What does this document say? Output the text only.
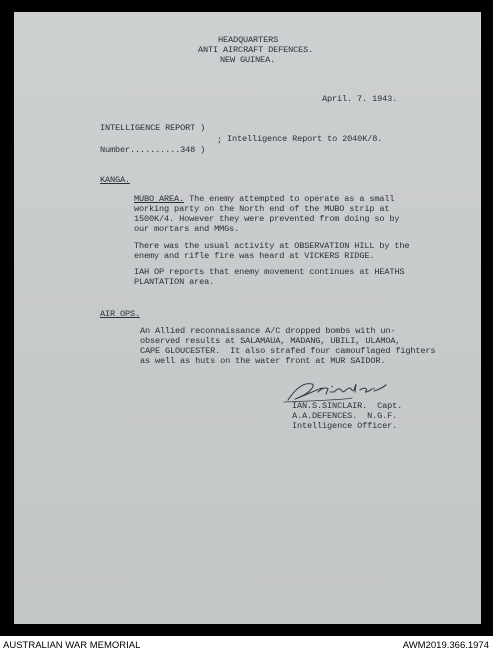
HEADQUARTERS
ANTI AIRCRAFT DEFENCES.
NEW GUINEA.
April. 7. 1943.
INTELLIGENCE REPORT )
; Intelligence Report to 2040K/8.
Number..........348 )
KANGA.
MUBO AREA. The enemy attempted to operate as a small
working party on the North end of the MUBO strip at
1500K/4. However they were prevented from doing so by
our mortars and MMGs.
There was the usual activity at OBSERVATION HILL by the
enemy and rifle fire was heard at VICKERS RIDGE.
IAH OP reports that enemy movement continues at HEATHS
PLANTATION area.
AIR OPS.
An Allied reconnaissance A/C dropped bombs with un-
observed results at SALAMAUA, MADANG, UBILI, ULAMOA,
CAPE GLOUCESTER.  It also strafed four camouflaged fighters
as well as huts on the water front at MUR SAIDOR.
IAN.S.SINCLAIR.  Capt.
A.A.DEFENCES.  N.G.F.
Intelligence Officer.
AUSTRALIAN WAR MEMORIAL	AWM2019.366.1974
